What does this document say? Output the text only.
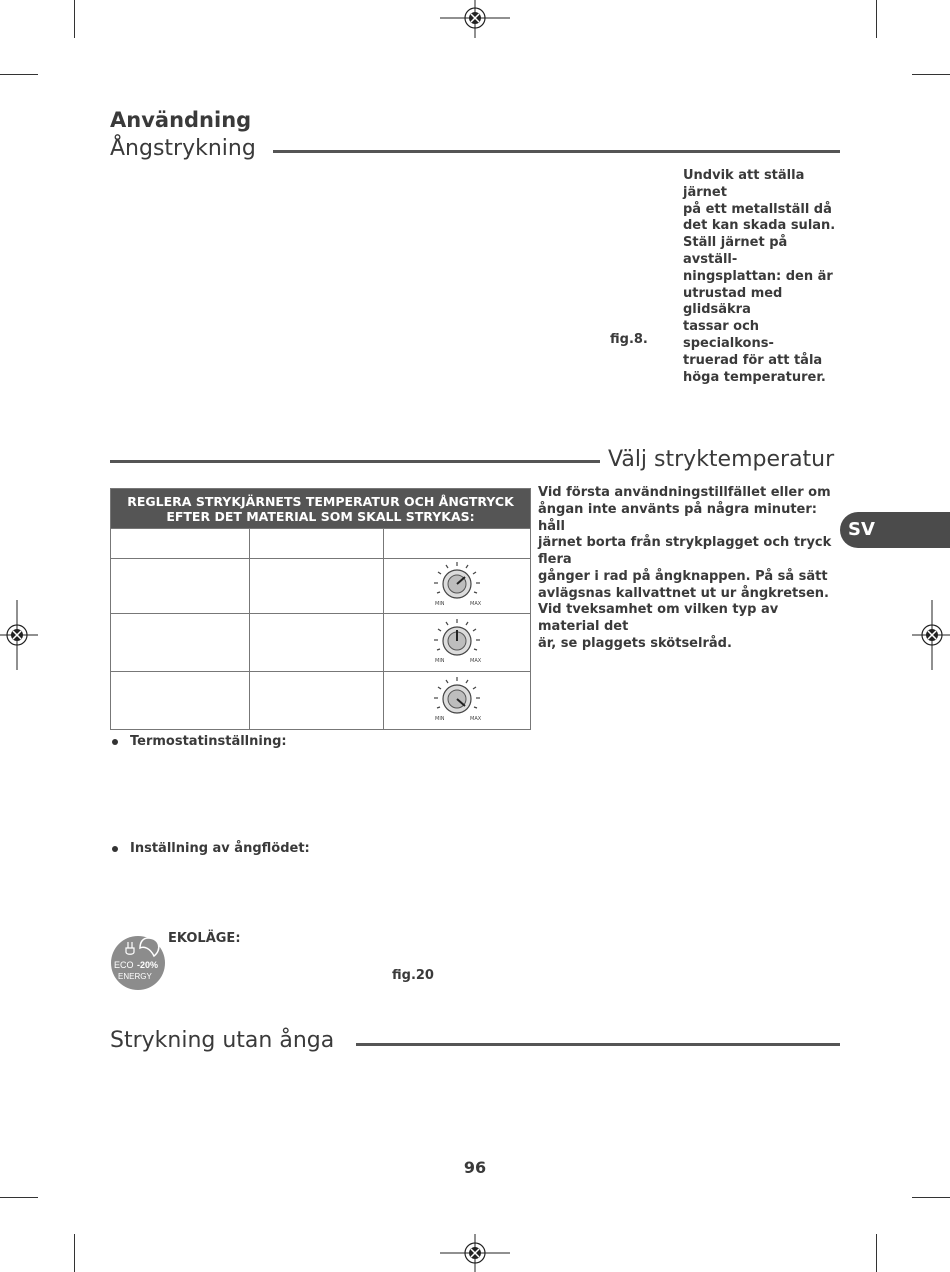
Användning
Ångstrykning
Undvik att ställa järnet
på ett metallställ då
det kan skada sulan.
Ställ järnet på avställ-
ningsplattan: den är
utrustad med glidsäkra
tassar och specialkons-
truerad för att tåla
höga temperaturer.
fig.8.
Välj stryktemperatur
SV
REGLERA STRYKJÄRNETS TEMPERATUR OCH ÅNGTRYCK
EFTER DET MATERIAL SOM SKALL STRYKAS:		

MIN MAX

MIN MAX

MIN MAX
Vid första användningstillfället eller om
ångan inte använts på några minuter: håll
järnet borta från strykplagget och tryck flera
gånger i rad på ångknappen. På så sätt
avlägsnas kallvattnet ut ur ångkretsen.
Vid tveksamhet om vilken typ av material det
är, se plaggets skötselråd.
Termostatinställning:
Inställning av ångflödet:
ECO -20%
ENERGY
EKOLÄGE:
fig.20
Strykning utan ånga
96
